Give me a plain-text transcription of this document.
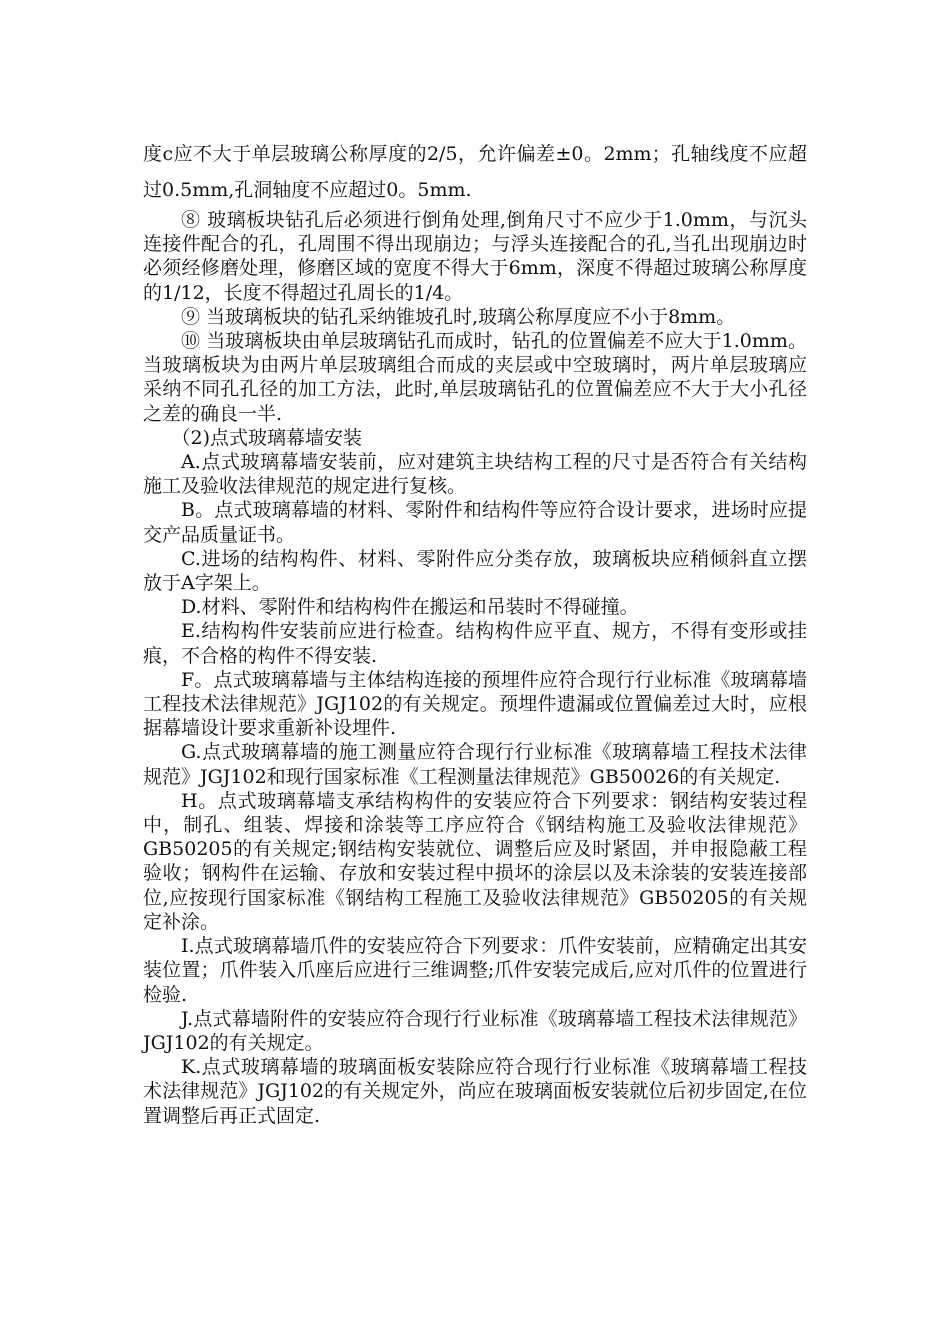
度c应不大于单层玻璃公称厚度的2/5，允许偏差±0。2mm；孔轴线度不应超过0.5mm,孔洞轴度不应超过0。5mm.

⑧ 玻璃板块钻孔后必须进行倒角处理,倒角尺寸不应少于1.0mm，与沉头连接件配合的孔，孔周围不得出现崩边；与浮头连接配合的孔,当孔出现崩边时必须经修磨处理，修磨区域的宽度不得大于6mm，深度不得超过玻璃公称厚度的1/12，长度不得超过孔周长的1/4。

⑨ 当玻璃板块的钻孔采纳锥坡孔时,玻璃公称厚度应不小于8mm。

⑩ 当玻璃板块由单层玻璃钻孔而成时，钻孔的位置偏差不应大于1.0mm。当玻璃板块为由两片单层玻璃组合而成的夹层或中空玻璃时，两片单层玻璃应采纳不同孔孔径的加工方法，此时,单层玻璃钻孔的位置偏差应不大于大小孔径之差的确良一半.

（2)点式玻璃幕墙安装

A.点式玻璃幕墙安装前，应对建筑主块结构工程的尺寸是否符合有关结构施工及验收法律规范的规定进行复核。

B。点式玻璃幕墙的材料、零附件和结构件等应符合设计要求，进场时应提交产品质量证书。

C.进场的结构构件、材料、零附件应分类存放，玻璃板块应稍倾斜直立摆放于A字架上。

D.材料、零附件和结构构件在搬运和吊装时不得碰撞。

E.结构构件安装前应进行检查。结构构件应平直、规方，不得有变形或挂痕，不合格的构件不得安装.

F。点式玻璃幕墙与主体结构连接的预埋件应符合现行行业标准《玻璃幕墙工程技术法律规范》JGJ102的有关规定。预埋件遗漏或位置偏差过大时，应根据幕墙设计要求重新补设埋件.

G.点式玻璃幕墙的施工测量应符合现行行业标准《玻璃幕墙工程技术法律规范》JGJ102和现行国家标准《工程测量法律规范》GB50026的有关规定.

H。点式玻璃幕墙支承结构构件的安装应符合下列要求：钢结构安装过程中，制孔、组装、焊接和涂装等工序应符合《钢结构施工及验收法律规范》GB50205的有关规定;钢结构安装就位、调整后应及时紧固，并申报隐蔽工程验收；钢构件在运输、存放和安装过程中损坏的涂层以及未涂装的安装连接部位,应按现行国家标准《钢结构工程施工及验收法律规范》GB50205的有关规定补涂。

I.点式玻璃幕墙爪件的安装应符合下列要求：爪件安装前，应精确定出其安装位置；爪件装入爪座后应进行三维调整;爪件安装完成后,应对爪件的位置进行检验.

J.点式幕墙附件的安装应符合现行行业标准《玻璃幕墙工程技术法律规范》JGJ102的有关规定。

K.点式玻璃幕墙的玻璃面板安装除应符合现行行业标准《玻璃幕墙工程技术法律规范》JGJ102的有关规定外，尚应在玻璃面板安装就位后初步固定,在位置调整后再正式固定.
